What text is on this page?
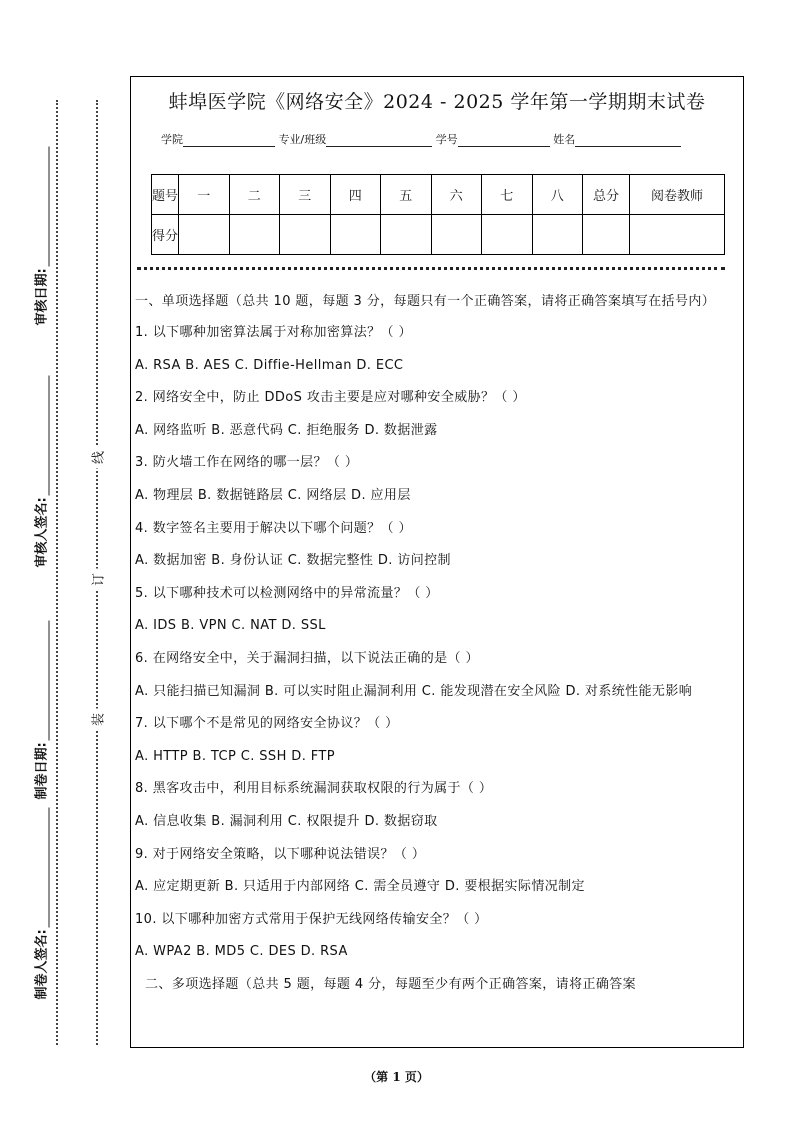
审核日期:
审核人签名:
制卷日期:
制卷人签名:
线
订
装
蚌埠医学院《网络安全》2024 - 2025 学年第一学期期末试卷
学院	专业/班级	学号	姓名
题号	一	二	三	四	五	六	七	八	总分	阅卷教师
得分										

一、单项选择题（总共 10 题，每题 3 分，每题只有一个正确答案，请将正确答案填写在括号内）

1. 以下哪种加密算法属于对称加密算法？（ ）

A. RSA B. AES C. Diffie-Hellman D. ECC

2. 网络安全中，防止 DDoS 攻击主要是应对哪种安全威胁？（ ）

A. 网络监听 B. 恶意代码 C. 拒绝服务 D. 数据泄露

3. 防火墙工作在网络的哪一层？（ ）

A. 物理层 B. 数据链路层 C. 网络层 D. 应用层

4. 数字签名主要用于解决以下哪个问题？（ ）

A. 数据加密 B. 身份认证 C. 数据完整性 D. 访问控制

5. 以下哪种技术可以检测网络中的异常流量？（ ）

A. IDS B. VPN C. NAT D. SSL

6. 在网络安全中，关于漏洞扫描，以下说法正确的是（ ）

A. 只能扫描已知漏洞 B. 可以实时阻止漏洞利用 C. 能发现潜在安全风险 D. 对系统性能无影响

7. 以下哪个不是常见的网络安全协议？（ ）

A. HTTP B. TCP C. SSH D. FTP

8. 黑客攻击中，利用目标系统漏洞获取权限的行为属于（ ）

A. 信息收集 B. 漏洞利用 C. 权限提升 D. 数据窃取

9. 对于网络安全策略，以下哪种说法错误？（ ）

A. 应定期更新 B. 只适用于内部网络 C. 需全员遵守 D. 要根据实际情况制定

10. 以下哪种加密方式常用于保护无线网络传输安全？（ ）

A. WPA2 B. MD5 C. DES D. RSA

二、多项选择题（总共 5 题，每题 4 分，每题至少有两个正确答案，请将正确答案

（第 1 页）
